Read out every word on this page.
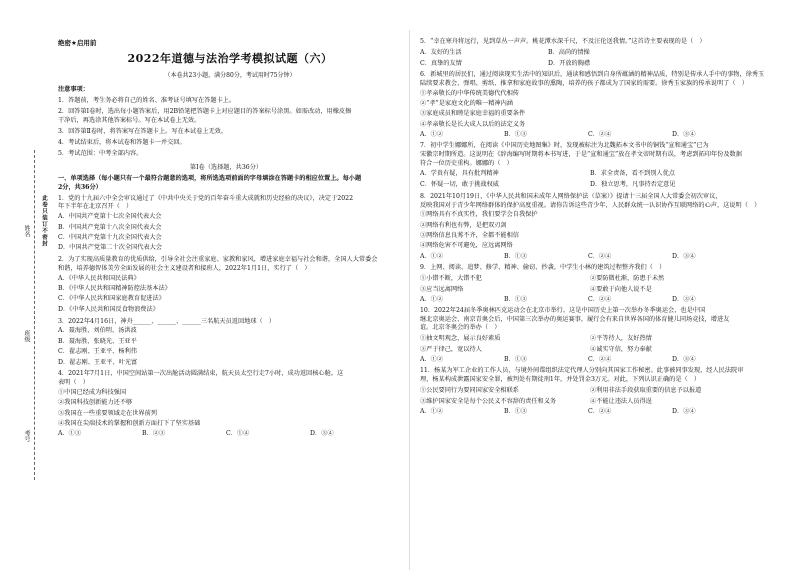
姓名
班级
考号
此卷只装订不密封
绝密★启用前
2022年道德与法治学考模拟试题（六）
（本卷共23小题，满分80分，考试用时75分钟）

注意事项：

1．答题前，考生务必将自己的姓名、准考证号填写在答题卡上。

2．回答第Ⅰ卷时，选出每小题答案后，用2B铅笔把答题卡上对应题目的答案标号涂黑。如需改动，用橡皮擦

干净后，再选涂其他答案标号。写在本试卷上无效。

3．回答第Ⅱ卷时，将答案写在答题卡上。写在本试卷上无效。

4．考试结束后，将本试卷和答题卡一并交回。

5．考试范围：中考全部内容。

第Ⅰ卷（选择题，共36分）

一、单项选择（每小题只有一个最符合题意的选项，将所选选项前面的字母填涂在答题卡的相应位置上。每小题

2分，共36分）

1．党的十九届六中全会审议通过了《中共中央关于党的百年奋斗重大成就和历史经验的决议》，决定于2022

年下半年在北京召开（　）

A．中国共产党第十七次全国代表大会
B．中国共产党第十八次全国代表大会
C．中国共产党第十九次全国代表大会
D．中国共产党第二十次全国代表大会

2．为了实现高质量教育的优质供给，引导全社会注重家庭、家教和家风，增进家庭幸福与社会和谐，全国人大常委会

和谐，培养德智体美劳全面发展的社会主义建设者和接班人，2022年1月1日，实行了（　）

A．《中华人民共和国民法典》
B．《中华人民共和国精神防控法基本法》
C．《中华人民共和国家庭教育促进法》
D．《中华人民共和国反食物浪费法》

3．2022年4月16日，神舟______、______、______三名航天员返回地球（　）

A．聂海胜、刘伯明、汤洪波
B．聂海胜、张晓光、王亚平
C．翟志刚、王亚平、杨利伟
D．翟志刚、王亚平、叶光富

4．2021年7月1日，中国空间站第一次出舱活动圆满结束，航天员太空行走7小时，成功返回核心舱。这

表明（　）

①中国已经成为科技强国
②我国科技创新能力还不够
③我国在一些重要领域走在世界前列
④我国在尖端技术的掌握和创新方面打下了坚实基础
A．①③	B．②③	C．①④	D．③④

5．“幸在寒舟将远行，见到草丛一声声。桃花潭水深千尺，不及汪伦送我情。”这首诗主要表现的是（　）

A．友好的生活	B．高尚的情操
C．真挚的友情	D．开放的胸襟

6．新城里的居民们，通过阅读现实生活中的知识后，通读和感悟到自身所蕴涵的精神品质，特别是传承人手中的事物，徐秀玉

陆续要求教会、弹唱、剪纸、推拿和家庭故事的熏陶，培养的孩子都成为了国家的需要。徐秀玉家族的传承说明了（　）

①孝亲敬长的中华传统美德代代相传
②“孝”是家庭文化的唯一精神内涵
③家庭成员和睦是家庭幸福的重要条件
④孝亲敬长是长大成人以后的法定义务
A．①②	B．①③	C．②④	D．③④

7．初中学生娜娜所，在阅读《中国历史地图集》时，发现被标注为北魏拓本文书中的铜钱“宣和通宝”已为

宋徽宗时期所造。这说明在《辞海编写时期将本书写进，于是“宣和通宝”放在孝文帝时期有误，考虑到拓印年份及数据

符合一位历史重构。娜娜的（　）

A．学贵有疑，具有批判精神	B．求全责备，看不到别人优点
C．怀疑一切，敢于挑战权威	D．独立思考，凡事持否定意见

8．2021年10月19日，《中华人民共和国未成年人网络保护法（草案）》提请十三届全国人大常委会初次审议，

反映我国对于青少年网络群体的保护高度重视。请你告诉这些青少年，人民群众统一认识协作互联网络的心声，这说明（　）

①网络具有不真实性，我们要学会自我保护
②网络有利也有弊，是把双刃剑
③网络信息良莠不齐，全都不能相信
④网络危害不可避免，应远离网络
A．①②	B．①③	C．②④	D．③④

9．上网、阅读、追梦、修学、精神、偷窃、抄袭，中学生小林的建筑过程整齐我们（　）

①小错不断，大错不犯	②要防微杜渐，防患于未然
③应当远离网络	④要敢于向他人说不是
A．①②	B．①③	C．②④	D．③④

10．2022年24届冬季奥林匹克运动会在北京市举行。这是中国历史上第一次举办冬季奥运会，也是中国

继北京奥运会、南京青奥会后，中国第三次举办的奥运赛事，履行会有来自世界各国的体育健儿同场竞技，增进友

谊。北京冬奥会的举办（　）

①抽文明观念，展示良好素质	②平等待人，友好热情
③严于律己，宽以待人	④诚实守信，努力奉献
A．①②	B．①③	C．②④	D．③④

11．杨某为军工企业的工作人员，与境外间谍组织法定代理人分别向其国家工作秘密。此事被同事发现，经人民法院审

理，杨某构成泄露国家安全罪，被判处有期徒刑1年，并处罚金3万元。对此，下列认识正确的是（　）

①公民要同行为要同国家安全相联系	②利用非法手段获取重要的信息予以报道
③维护国家安全是每个公民义不容辞的责任和义务	④不能让违法人员得逞
A．①②	B．①③	C．②④	D．③④
